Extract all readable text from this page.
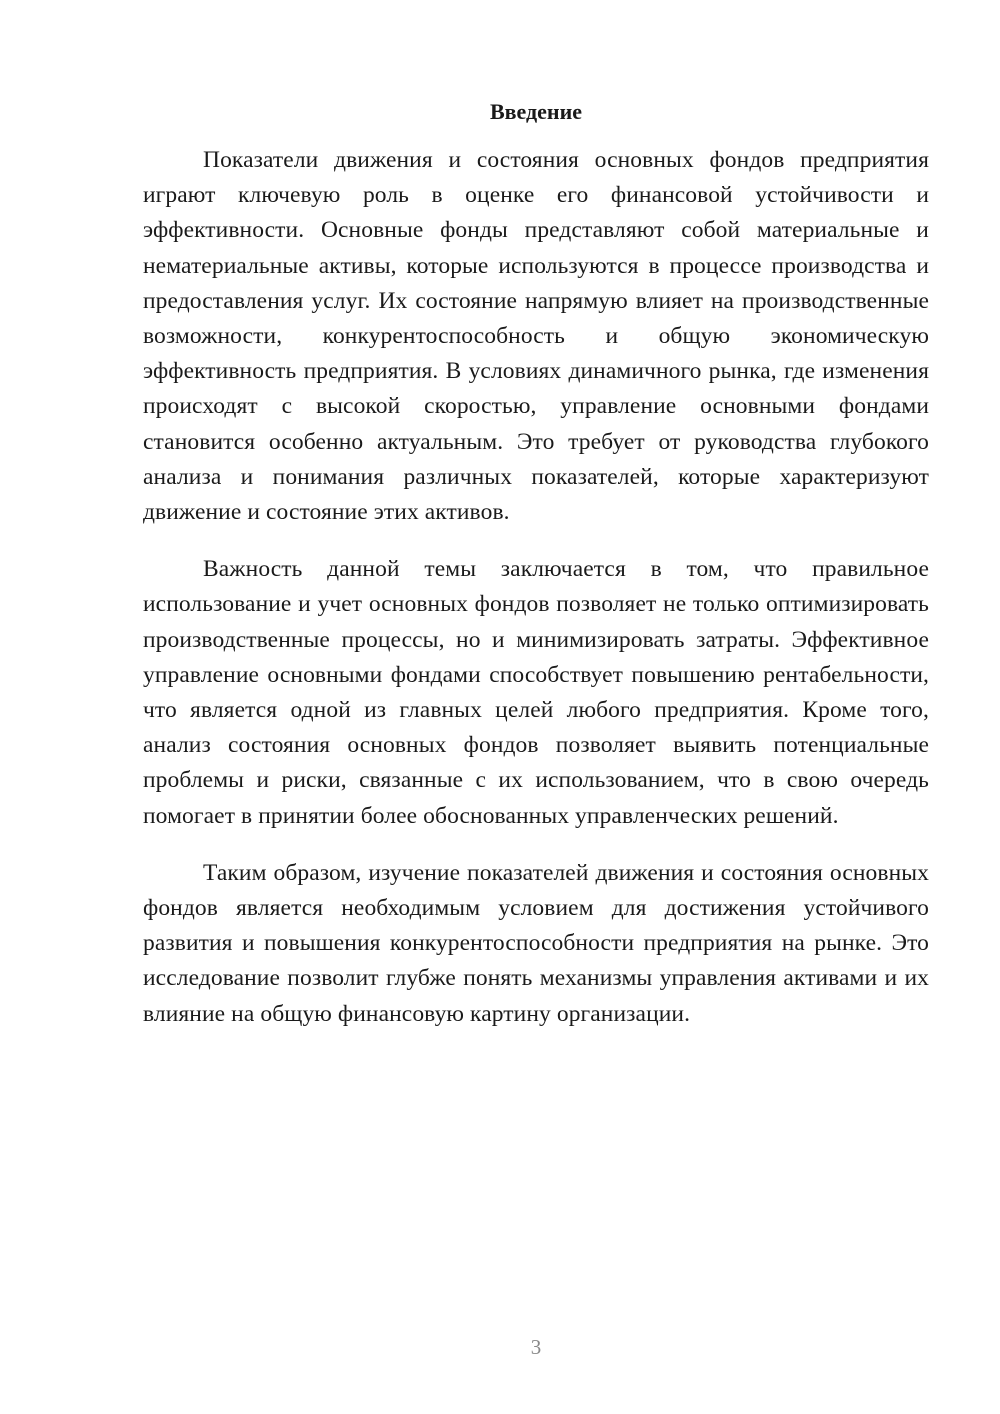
Введение

Показатели движения и состояния основных фондов предприятия играют ключевую роль в оценке его финансовой устойчивости и эффективности. Основные фонды представляют собой материальные и нематериальные активы, которые используются в процессе производства и предоставления услуг. Их состояние напрямую влияет на производственные возможности, конкурентоспособность и общую экономическую эффективность предприятия. В условиях динамичного рынка, где изменения происходят с высокой скоростью, управление основными фондами становится особенно актуальным. Это требует от руководства глубокого анализа и понимания различных показателей, которые характеризуют движение и состояние этих активов.

Важность данной темы заключается в том, что правильное использование и учет основных фондов позволяет не только оптимизировать производственные процессы, но и минимизировать затраты. Эффективное управление основными фондами способствует повышению рентабельности, что является одной из главных целей любого предприятия. Кроме того, анализ состояния основных фондов позволяет выявить потенциальные проблемы и риски, связанные с их использованием, что в свою очередь помогает в принятии более обоснованных управленческих решений.

Таким образом, изучение показателей движения и состояния основных фондов является необходимым условием для достижения устойчивого развития и повышения конкурентоспособности предприятия на рынке. Это исследование позволит глубже понять механизмы управления активами и их влияние на общую финансовую картину организации.

3
